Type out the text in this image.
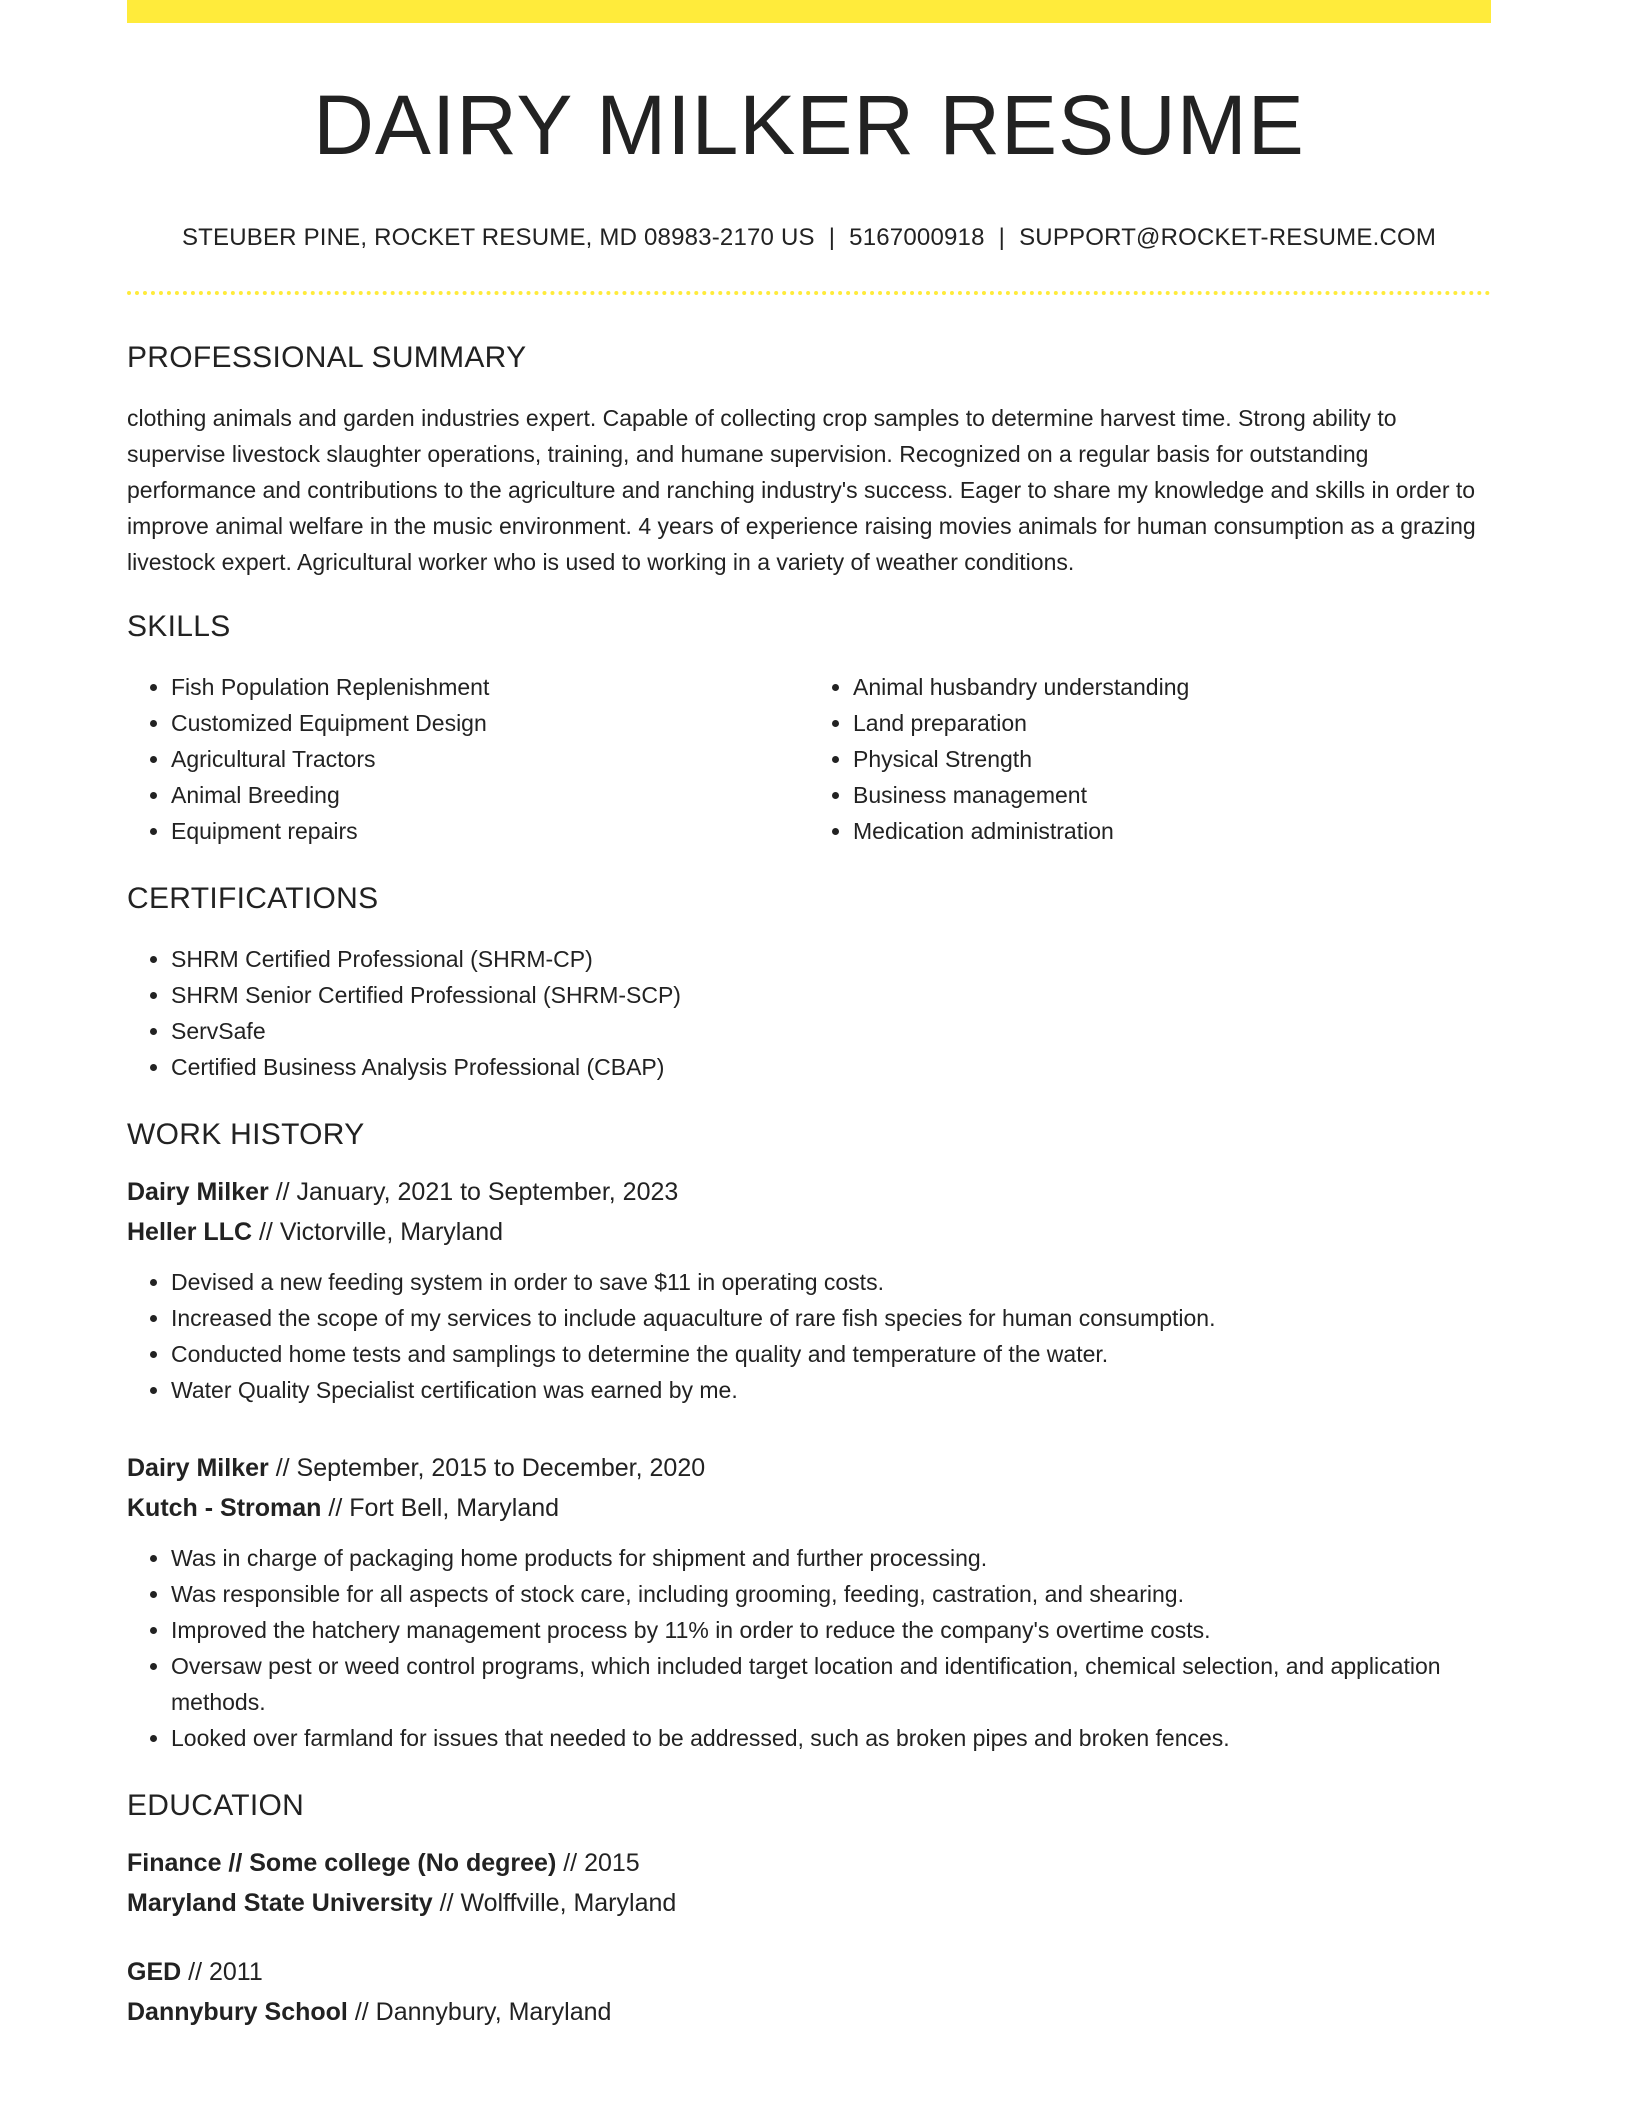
DAIRY MILKER RESUME
STEUBER PINE, ROCKET RESUME, MD 08983-2170 US | 5167000918 | SUPPORT@ROCKET-RESUME.COM
PROFESSIONAL SUMMARY

clothing animals and garden industries expert. Capable of collecting crop samples to determine harvest time. Strong ability to supervise livestock slaughter operations, training, and humane supervision. Recognized on a regular basis for outstanding performance and contributions to the agriculture and ranching industry's success. Eager to share my knowledge and skills in order to improve animal welfare in the music environment. 4 years of experience raising movies animals for human consumption as a grazing livestock expert. Agricultural worker who is used to working in a variety of weather conditions.

SKILLS
• Fish Population Replenishment
• Customized Equipment Design
• Agricultural Tractors
• Animal Breeding
• Equipment repairs
• Animal husbandry understanding
• Land preparation
• Physical Strength
• Business management
• Medication administration
CERTIFICATIONS
• SHRM Certified Professional (SHRM-CP)
• SHRM Senior Certified Professional (SHRM-SCP)
• ServSafe
• Certified Business Analysis Professional (CBAP)
WORK HISTORY
Dairy Milker // January, 2021 to September, 2023
Heller LLC // Victorville, Maryland
• Devised a new feeding system in order to save $11 in operating costs.
• Increased the scope of my services to include aquaculture of rare fish species for human consumption.
• Conducted home tests and samplings to determine the quality and temperature of the water.
• Water Quality Specialist certification was earned by me.
Dairy Milker // September, 2015 to December, 2020
Kutch - Stroman // Fort Bell, Maryland
• Was in charge of packaging home products for shipment and further processing.
• Was responsible for all aspects of stock care, including grooming, feeding, castration, and shearing.
• Improved the hatchery management process by 11% in order to reduce the company's overtime costs.
• Oversaw pest or weed control programs, which included target location and identification, chemical selection, and application methods.
• Looked over farmland for issues that needed to be addressed, such as broken pipes and broken fences.
EDUCATION
Finance // Some college (No degree) // 2015
Maryland State University // Wolffville, Maryland
GED // 2011
Dannybury School // Dannybury, Maryland
